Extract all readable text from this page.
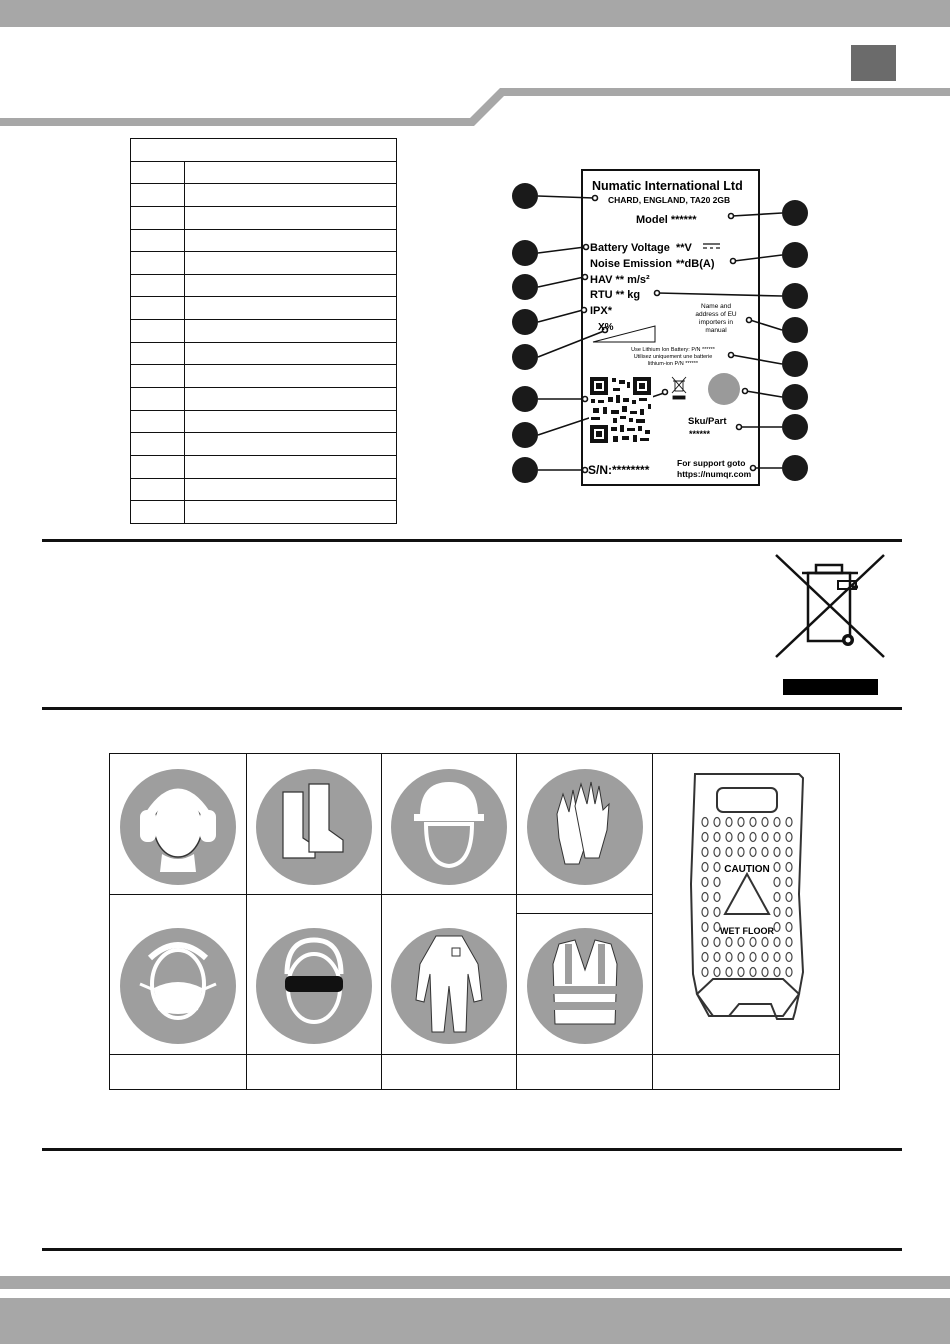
Numatic International Ltd
CHARD, ENGLAND, TA20 2GB
Model ******
Battery Voltage **V
Noise Emission **dB(A)
HAV ** m/s²
RTU ** kg
IPX*
X%
Name and
address of EU
importers in
manual
Use Lithium Ion Battery: P/N ******
Utilisez uniquement une batterie
lithium-ion P/N ******
Sku/Part
******
S/N:********	For support goto
https://numqr.com
CAUTION
WET FLOOR
